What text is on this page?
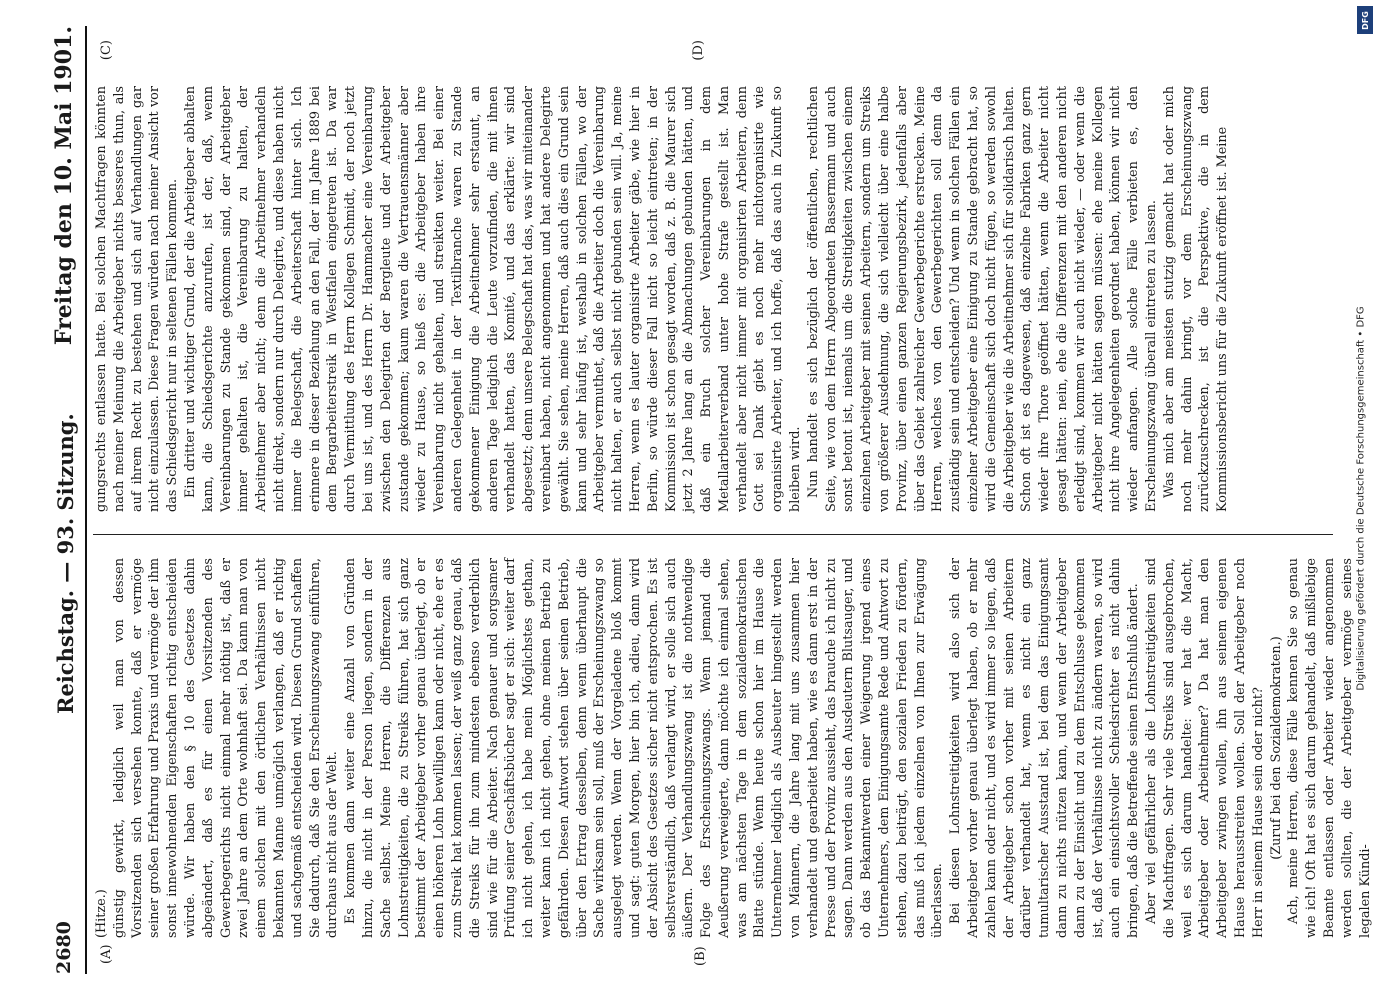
2680
Reichstag. — 93. Sitzung.
Freitag den 10. Mai 1901.
(A)	(B)
(C)	(D)

(Hitze.) günstig gewirkt, lediglich weil man von dessen Vorsitzenden sich versehen konnte, daß er vermöge seiner großen Erfahrung und Praxis und vermöge der ihm sonst innewohnenden Eigenschaften richtig entscheiden würde. Wir haben den § 10 des Gesetzes dahin abgeändert, daß es für einen Vorsitzenden des Gewerbegerichts nicht einmal mehr nöthig ist, daß er zwei Jahre an dem Orte wohnhaft sei. Da kann man von einem solchen mit den örtlichen Verhältnissen nicht bekannten Manne unmöglich verlangen, daß er richtig und sachgemäß entscheiden wird. Diesen Grund schaffen Sie dadurch, daß Sie den Erscheinungszwang einführen, durchaus nicht aus der Welt. Es kommen dann weiter eine Anzahl von Gründen hinzu, die nicht in der Person liegen, sondern in der Sache selbst. Meine Herren, die Differenzen aus Lohnstreitigkeiten, die zu Streiks führen, hat sich ganz bestimmt der Arbeitgeber vorher genau überlegt, ob er einen höheren Lohn bewilligen kann oder nicht, ehe er es zum Streik hat kommen lassen; der weiß ganz genau, daß die Streiks für ihn zum mindesten ebenso verderblich sind wie für die Arbeiter. Nach genauer und sorgsamer Prüfung seiner Geschäftsbücher sagt er sich: weiter darf ich nicht gehen, ich habe mein Möglichstes gethan, weiter kann ich nicht gehen, ohne meinen Betrieb zu gefährden. Diesen Antwort stehen über seinen Betrieb, über den Ertrag desselben, denn wenn überhaupt die Sache wirksam sein soll, muß der Erscheinungszwang so ausgelegt werden. Wenn der Vorgeladene bloß kommt und sagt: guten Morgen, hier bin ich, adieu, dann wird der Absicht des Gesetzes sicher nicht entsprochen. Es ist selbstverständlich, daß verlangt wird, er solle sich auch äußern. Der Verhandlungszwang ist die nothwendige Folge des Erscheinungszwangs. Wenn jemand die Aeußerung verweigerte, dann möchte ich einmal sehen, was am nächsten Tage in dem sozialdemokratischen Blatte stünde. Wenn heute schon hier im Hause die Unternehmer lediglich als Ausbeuter hingestellt werden von Männern, die Jahre lang mit uns zusammen hier verhandelt und gearbeitet haben, wie es dann erst in der Presse und der Provinz aussieht, das brauche ich nicht zu sagen. Dann werden aus den Ausdeutern Blutsauger, und ob das Bekanntwerden einer Weigerung irgend eines Unternehmers, dem Einigungsamte Rede und Antwort zu stehen, dazu beiträgt, den sozialen Frieden zu fördern, das muß ich jedem einzelnen von Ihnen zur Erwägung überlassen. Bei diesen Lohnstreitigkeiten wird also sich der Arbeitgeber vorher genau überlegt haben, ob er mehr zahlen kann oder nicht, und es wird immer so liegen, daß der Arbeitgeber schon vorher mit seinen Arbeitern darüber verhandelt hat, wenn es nicht ein ganz tumultarischer Ausstand ist, bei dem das Einigungsamt dann zu nichts nützen kann, und wenn der Arbeitgeber dann zu der Einsicht und zu dem Entschlusse gekommen ist, daß der Verhältnisse nicht zu ändern waren, so wird auch ein einsichtsvoller Schiedsrichter es nicht dahin bringen, daß die Betreffende seinen Entschluß ändert. Aber viel gefährlicher als die Lohnstreitigkeiten sind die Machtfragen. Sehr viele Streiks sind ausgebrochen, weil es sich darum handelte: wer hat die Macht, Arbeitgeber oder Arbeitnehmer? Da hat man den Arbeitgeber zwingen wollen, ihn aus seinem eigenen Hause herausstreiten wollen. Soll der Arbeitgeber noch Herr in seinem Hause sein oder nicht? (Zuruf bei den Sozialdemokraten.) Ach, meine Herren, diese Fälle kennen Sie so genau wie ich! Oft hat es sich darum gehandelt, daß mißliebige Beamte entlassen oder Arbeiter wieder angenommen werden sollten, die der Arbeitgeber vermöge seines legalen Kündi-

gungsrechts entlassen hatte. Bei solchen Machtfragen könnten nach meiner Meinung die Arbeitgeber nichts besseres thun, als auf ihrem Recht zu bestehen und sich auf Verhandlungen gar nicht einzulassen. Diese Fragen würden nach meiner Ansicht vor das Schiedsgericht nur in seltenen Fällen kommen. Ein dritter und wichtiger Grund, der die Arbeitgeber abhalten kann, die Schiedsgerichte anzurufen, ist der, daß, wenn Vereinbarungen zu Stande gekommen sind, der Arbeitgeber immer gehalten ist, die Vereinbarung zu halten, der Arbeitnehmer aber nicht; denn die Arbeitnehmer verhandeln nicht direkt, sondern nur durch Delegirte, und diese haben nicht immer die Belegschaft, die Arbeiterschaft hinter sich. Ich erinnere in dieser Beziehung an den Fall, der im Jahre 1889 bei dem Bergarbeiterstreik in Westfalen eingetreten ist. Da war durch Vermittlung des Herrn Kollegen Schmidt, der noch jetzt bei uns ist, und des Herrn Dr. Hammacher eine Vereinbarung zwischen den Delegirten der Bergleute und der Arbeitgeber zustande gekommen; kaum waren die Vertrauensmänner aber wieder zu Hause, so hieß es: die Arbeitgeber haben ihre Vereinbarung nicht gehalten, und streikten weiter. Bei einer anderen Gelegenheit in der Textilbranche waren zu Stande gekommener Einigung die Arbeitnehmer sehr erstaunt, an anderen Tage lediglich die Leute vorzufinden, die mit ihnen verhandelt hatten, das Komité, und das erklärte: wir sind abgesetzt; denn unsere Belegschaft hat das, was wir miteinander vereinbart haben, nicht angenommen und hat andere Delegirte gewählt. Sie sehen, meine Herren, daß auch dies ein Grund sein kann und sehr häufig ist, weshalb in solchen Fällen, wo der Arbeitgeber vermuthet, daß die Arbeiter doch die Vereinbarung nicht halten, er auch selbst nicht gebunden sein will. Ja, meine Herren, wenn es lauter organisirte Arbeiter gäbe, wie hier in Berlin, so würde dieser Fall nicht so leicht eintreten; in der Kommission ist schon gesagt worden, daß z. B. die Maurer sich jetzt 2 Jahre lang an die Abmachungen gebunden hätten, und daß ein Bruch solcher Vereinbarungen in dem Metallarbeiterverband unter hohe Strafe gestellt ist. Man verhandelt aber nicht immer mit organisirten Arbeitern, denn Gott sei Dank giebt es noch mehr nichtorganisirte wie organisirte Arbeiter, und ich hoffe, daß das auch in Zukunft so bleiben wird. Nun handelt es sich bezüglich der öffentlichen, rechtlichen Seite, wie von dem Herrn Abgeordneten Bassermann und auch sonst betont ist, niemals um die Streitigkeiten zwischen einem einzelnen Arbeitgeber mit seinen Arbeitern, sondern um Streiks von größerer Ausdehnung, die sich vielleicht über eine halbe Provinz, über einen ganzen Regierungsbezirk, jedenfalls aber über das Gebiet zahlreicher Gewerbegerichte erstrecken. Meine Herren, welches von den Gewerbegerichten soll denn da zuständig sein und entscheiden? Und wenn in solchen Fällen ein einzelner Arbeitgeber eine Einigung zu Stande gebracht hat, so wird die Gemeinschaft sich doch nicht fügen, so werden sowohl die Arbeitgeber wie die Arbeitnehmer sich für solidarisch halten. Schon oft ist es dagewesen, daß einzelne Fabriken ganz gern wieder ihre Thore geöffnet hätten, wenn die Arbeiter nicht gesagt hätten: nein, ehe die Differenzen mit den anderen nicht erledigt sind, kommen wir auch nicht wieder, — oder wenn die Arbeitgeber nicht hätten sagen müssen: ehe meine Kollegen nicht ihre Angelegenheiten geordnet haben, können wir nicht wieder anfangen. Alle solche Fälle verbieten es, den Erscheinungszwang überall eintreten zu lassen. Was mich aber am meisten stutzig gemacht hat oder mich noch mehr dahin bringt, vor dem Erscheinungszwang zurückzuschrecken, ist die Perspektive, die in dem Kommissionsbericht uns für die Zukunft eröffnet ist. Meine

DFG
Digitalisierung gefördert durch die Deutsche Forschungsgemeinschaft • DFG
